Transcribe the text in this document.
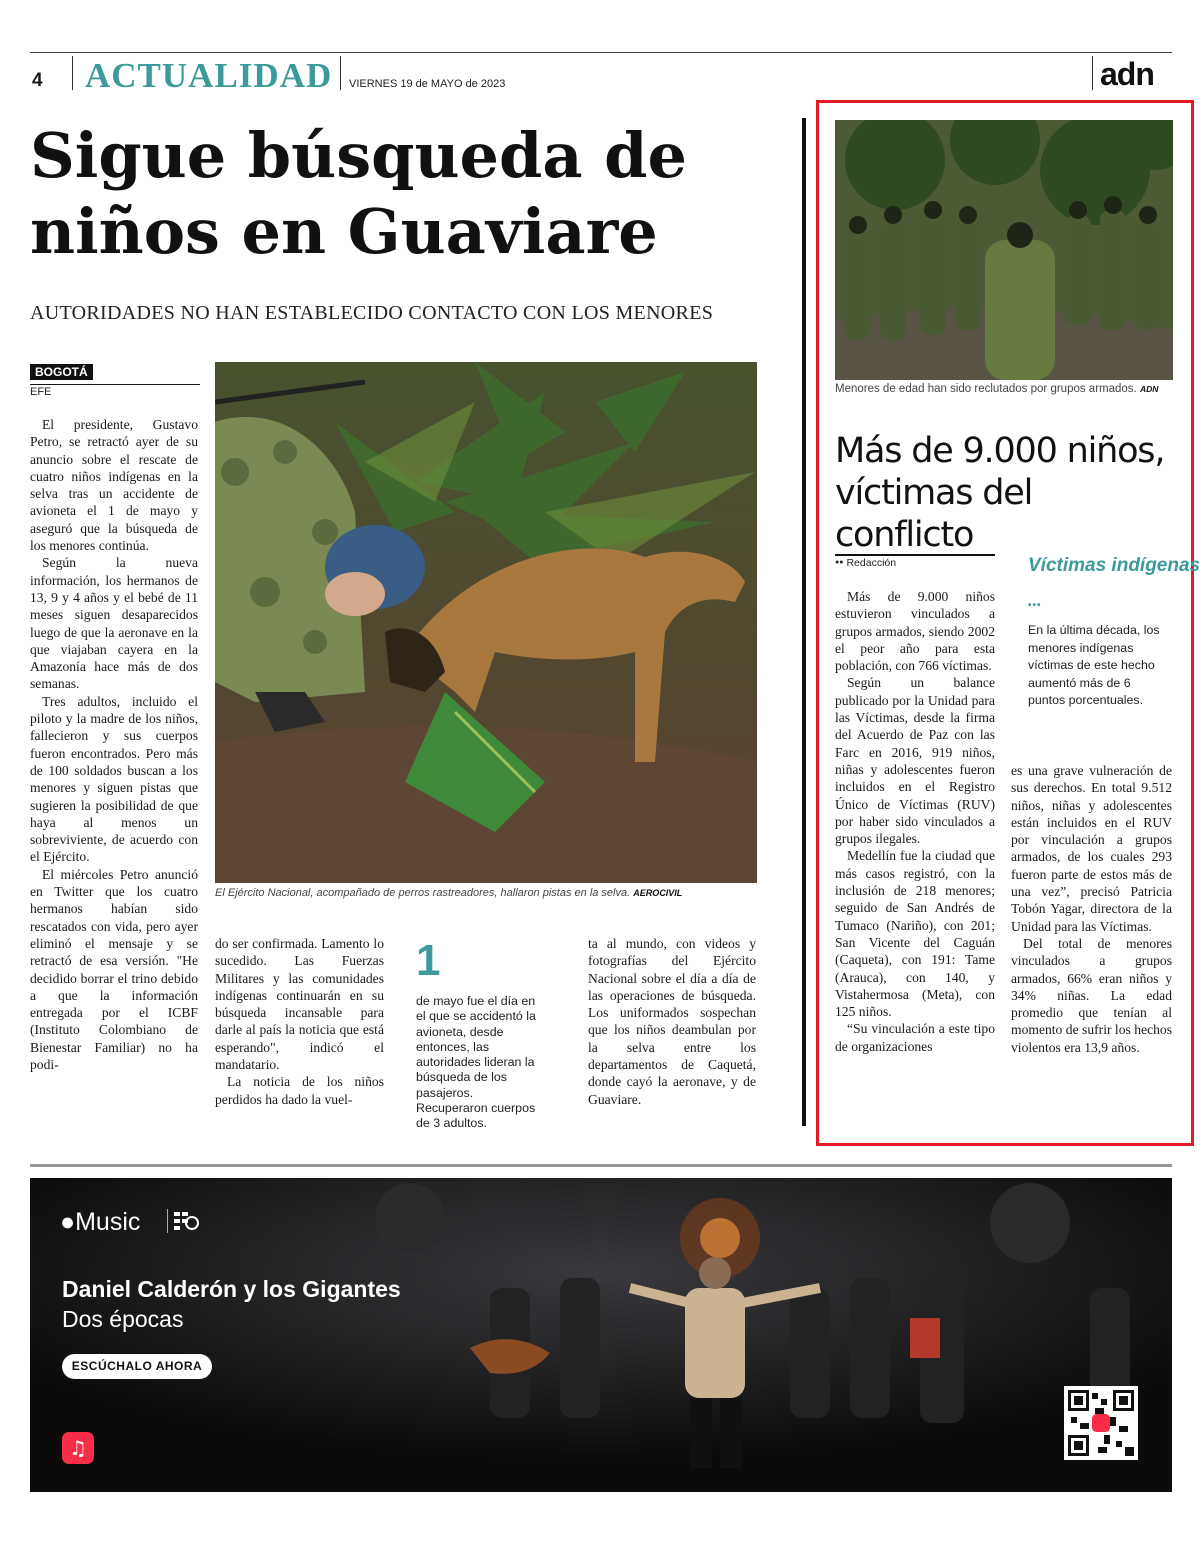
4 ACTUALIDAD VIERNES 19 de MAYO de 2023	adn
Sigue búsqueda de niños en Guaviare
AUTORIDADES NO HAN ESTABLECIDO CONTACTO CON LOS MENORES
BOGOTÁ
EFE

El presidente, Gustavo Petro, se retractó ayer de su anuncio sobre el rescate de cuatro niños indígenas en la selva tras un accidente de avioneta el 1 de mayo y aseguró que la búsqueda de los menores continúa.

Según la nueva información, los hermanos de 13, 9 y 4 años y el bebé de 11 meses siguen desaparecidos luego de que la aeronave en la que viajaban cayera en la Amazonía hace más de dos semanas.

Tres adultos, incluido el piloto y la madre de los niños, fallecieron y sus cuerpos fueron encontrados. Pero más de 100 soldados buscan a los menores y siguen pistas que sugieren la posibilidad de que haya al menos un sobreviviente, de acuerdo con el Ejército.

El miércoles Petro anunció en Twitter que los cuatro hermanos habían sido rescatados con vida, pero ayer eliminó el mensaje y se retractó de esa versión. "He decidido borrar el trino debido a que la información entregada por el ICBF (Instituto Colombiano de Bienestar Familiar) no ha podi-

El Ejército Nacional, acompañado de perros rastreadores, hallaron pistas en la selva. AEROCIVIL
do ser confirmada. Lamento lo sucedido. Las Fuerzas Militares y las comunidades indígenas continuarán en su búsqueda incansable para darle al país la noticia que está esperando", indicó el mandatario.

La noticia de los niños perdidos ha dado la vuel-

1
de mayo fue el día en el que se accidentó la avioneta, desde entonces, las autoridades lideran la búsqueda de los pasajeros. Recuperaron cuerpos de 3 adultos.
ta al mundo, con videos y fotografías del Ejército Nacional sobre el día a día de las operaciones de búsqueda. Los uniformados sospechan que los niños deambulan por la selva entre los departamentos de Caquetá, donde cayó la aeronave, y de Guaviare.
Menores de edad han sido reclutados por grupos armados. ADN
Más de 9.000 niños, víctimas del conflicto
●● Redacción

Más de 9.000 niños estuvieron vinculados a grupos armados, siendo 2002 el peor año para esta población, con 766 víctimas.

Según un balance publicado por la Unidad para las Víctimas, desde la firma del Acuerdo de Paz con las Farc en 2016, 919 niños, niñas y adolescentes fueron incluidos en el Registro Único de Víctimas (RUV) por haber sido vinculados a grupos ilegales.

Medellín fue la ciudad que más casos registró, con la inclusión de 218 menores; seguido de San Andrés de Tumaco (Nariño), con 201; San Vicente del Caguán (Caqueta), con 191: Tame (Arauca), con 140, y Vistahermosa (Meta), con 125 niños.

“Su vinculación a este tipo de organizaciones

Víctimas indígenas
•••
En la última década, los menores indígenas víctimas de este hecho aumentó más de 6 puntos porcentuales.
es una grave vulneración de sus derechos. En total 9.512 niños, niñas y adolescentes están incluidos en el RUV por vinculación a grupos armados, de los cuales 293 fueron parte de estos más de una vez”, precisó Patricia Tobón Yagar, directora de la Unidad para las Víctimas.

Del total de menores vinculados a grupos armados, 66% eran niños y 34% niñas. La edad promedio que tenían al momento de sufrir los hechos violentos era 13,9 años.

●Music
Daniel Calderón y los Gigantes
Dos épocas
ESCÚCHALO AHORA
♫
